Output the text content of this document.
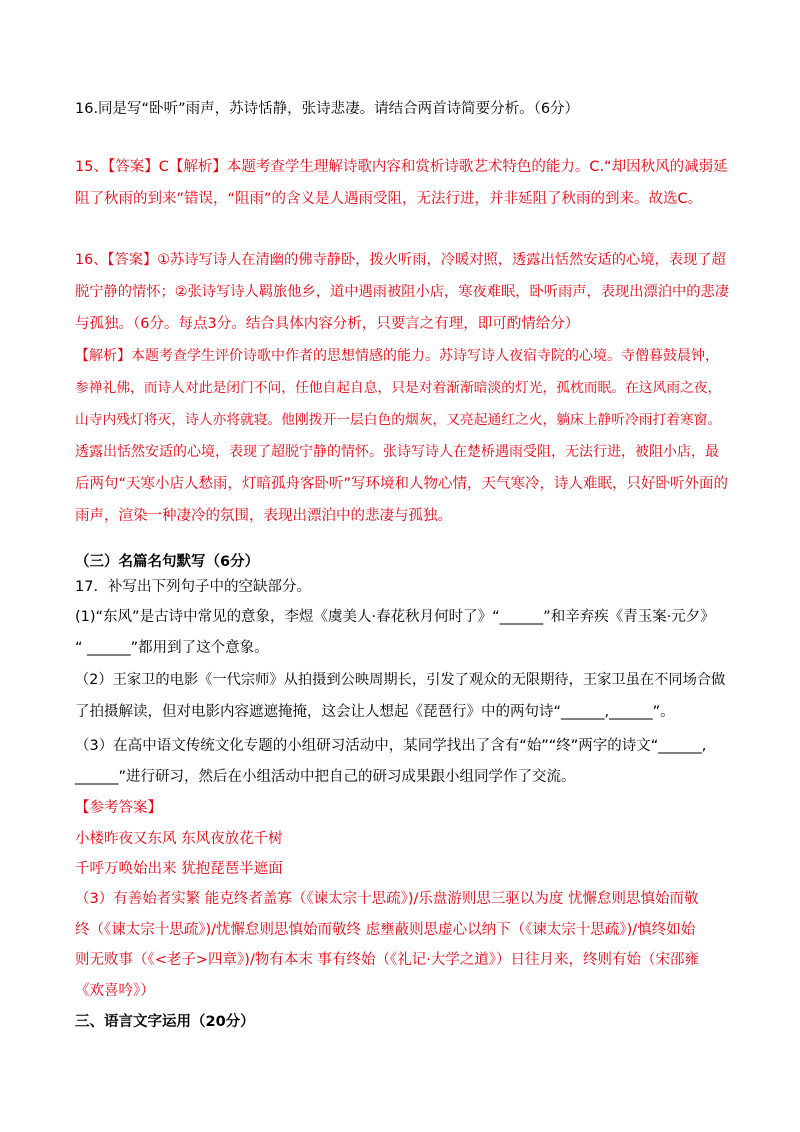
16.同是写“卧听”雨声，苏诗恬静，张诗悲凄。请结合两首诗简要分析。（6分）
15、【答案】C【解析】本题考查学生理解诗歌内容和赏析诗歌艺术特色的能力。C.“却因秋风的减弱延
阻了秋雨的到来”错误，“阻雨”的含义是人遇雨受阻，无法行进，并非延阻了秋雨的到来。故选C。
16、【答案】①苏诗写诗人在清幽的佛寺静卧，拨火听雨，冷暖对照，透露出恬然安适的心境，表现了超
脱宁静的情怀；②张诗写诗人羁旅他乡，道中遇雨被阻小店，寒夜难眠，卧听雨声，表现出漂泊中的悲凄
与孤独。（6分。每点3分。结合具体内容分析，只要言之有理，即可酌情给分）
【解析】本题考查学生评价诗歌中作者的思想情感的能力。苏诗写诗人夜宿寺院的心境。寺僧暮鼓晨钟，
参禅礼佛，而诗人对此是闭门不问，任他自起自息，只是对着渐渐暗淡的灯光，孤枕而眠。在这风雨之夜，
山寺内残灯将灭，诗人亦将就寝。他刚拨开一层白色的烟灰，又亮起通红之火，躺床上静听冷雨打着寒窗。
透露出恬然安适的心境，表现了超脱宁静的情怀。张诗写诗人在楚桥遇雨受阻，无法行进，被阻小店，最
后两句“天寒小店人愁雨，灯暗孤舟客卧听”写环境和人物心情，天气寒冷，诗人难眠，只好卧听外面的
雨声，渲染一种凄冷的氛围，表现出漂泊中的悲凄与孤独。
（三）名篇名句默写（6分）
17．补写出下列句子中的空缺部分。
(1)“东风”是古诗中常见的意象，李煜《虞美人·春花秋月何时了》“______”和辛弃疾《青玉案·元夕》
“ ______”都用到了这个意象。
（2）王家卫的电影《一代宗师》从拍摄到公映周期长，引发了观众的无限期待，王家卫虽在不同场合做
了拍摄解读，但对电影内容遮遮掩掩，这会让人想起《琵琶行》中的两句诗“______,______”。
（3）在高中语文传统文化专题的小组研习活动中，某同学找出了含有“始”“终”两字的诗文“______,
______”进行研习，然后在小组活动中把自己的研习成果跟小组同学作了交流。
【参考答案】
小楼昨夜又东风 东风夜放花千树
千呼万唤始出来 犹抱琵琶半遮面
（3）有善始者实繁 能克终者盖寡（《谏太宗十思疏》)/乐盘游则思三驱以为度 忧懈怠则思慎始而敬
终（《谏太宗十思疏》)/忧懈怠则思慎始而敬终 虑壅蔽则思虚心以纳下（《谏太宗十思疏》)/慎终如始
则无败事（《<老子>四章》)/物有本末 事有终始（《礼记·大学之道》）日往月来，终则有始（宋邵雍
《欢喜吟》）
三、语言文字运用（20分）
